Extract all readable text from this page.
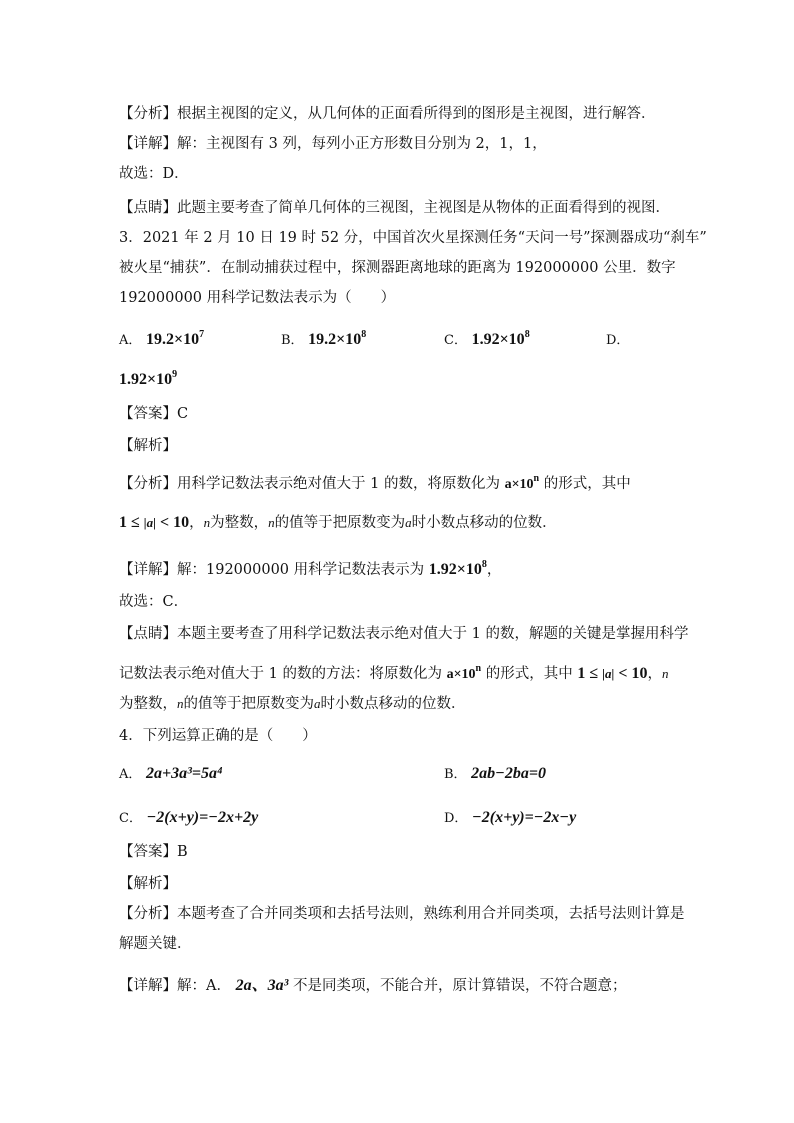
【分析】根据主视图的定义，从几何体的正面看所得到的图形是主视图，进行解答．
【详解】解：主视图有 3 列，每列小正方形数目分别为 2，1，1，
故选：D．
【点睛】此题主要考查了简单几何体的三视图，主视图是从物体的正面看得到的视图．
3．2021 年 2 月 10 日 19 时 52 分，中国首次火星探测任务“天问一号”探测器成功“刹车”
被火星“捕获”．在制动捕获过程中，探测器距离地球的距离为 192000000 公里．数字
192000000 用科学记数法表示为（　　）
A． $19.2\times 10^7$	B． $19.2\times 10^8$	C． $1.92\times 10^8$	D．
$1.92\times 10^9$
【答案】C
【解析】
【分析】用科学记数法表示绝对值大于 1 的数，将原数化为 $a\times 10^n$ 的形式，其中
1 ≤ |a| < 10，n为整数，n的值等于把原数变为a时小数点移动的位数．
【详解】解：192000000 用科学记数法表示为 $1.92\times 10^8$，
故选：C．
【点睛】本题主要考查了用科学记数法表示绝对值大于 1 的数，解题的关键是掌握用科学
记数法表示绝对值大于 1 的数的方法：将原数化为 $a\times 10^n$ 的形式，其中 1 ≤ |a| < 10，n
为整数，n的值等于把原数变为a时小数点移动的位数．
4．下列运算正确的是（　　）
A． 2a+3a³=5a⁴	B． 2ab−2ba=0
C． −2(x+y)=−2x+2y	D． −2(x+y)=−2x−y
【答案】B
【解析】
【分析】本题考查了合并同类项和去括号法则，熟练利用合并同类项，去括号法则计算是
解题关键．
【详解】解：A． 2a、3a³ 不是同类项，不能合并，原计算错误，不符合题意；
